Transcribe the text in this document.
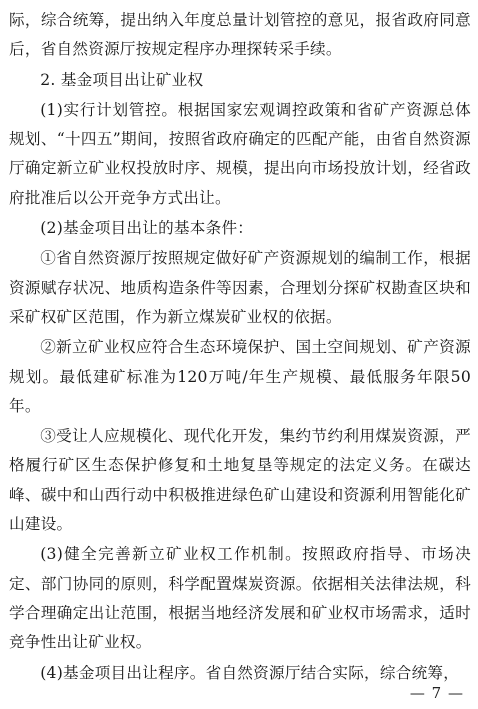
际，综合统筹，提出纳入年度总量计划管控的意见，报省政府同意后，省自然资源厅按规定程序办理探转采手续。

2. 基金项目出让矿业权

(1)实行计划管控。根据国家宏观调控政策和省矿产资源总体规划、“十四五”期间，按照省政府确定的匹配产能，由省自然资源厅确定新立矿业权投放时序、规模，提出向市场投放计划，经省政府批准后以公开竞争方式出让。

(2)基金项目出让的基本条件：

①省自然资源厅按照规定做好矿产资源规划的编制工作，根据资源赋存状况、地质构造条件等因素，合理划分探矿权勘查区块和采矿权矿区范围，作为新立煤炭矿业权的依据。

②新立矿业权应符合生态环境保护、国土空间规划、矿产资源规划。最低建矿标准为120万吨/年生产规模、最低服务年限50年。

③受让人应规模化、现代化开发，集约节约利用煤炭资源，严格履行矿区生态保护修复和土地复垦等规定的法定义务。在碳达峰、碳中和山西行动中积极推进绿色矿山建设和资源利用智能化矿山建设。

(3)健全完善新立矿业权工作机制。按照政府指导、市场决定、部门协同的原则，科学配置煤炭资源。依据相关法律法规，科学合理确定出让范围，根据当地经济发展和矿业权市场需求，适时竞争性出让矿业权。

(4)基金项目出让程序。省自然资源厅结合实际，综合统筹，

— 7 —
